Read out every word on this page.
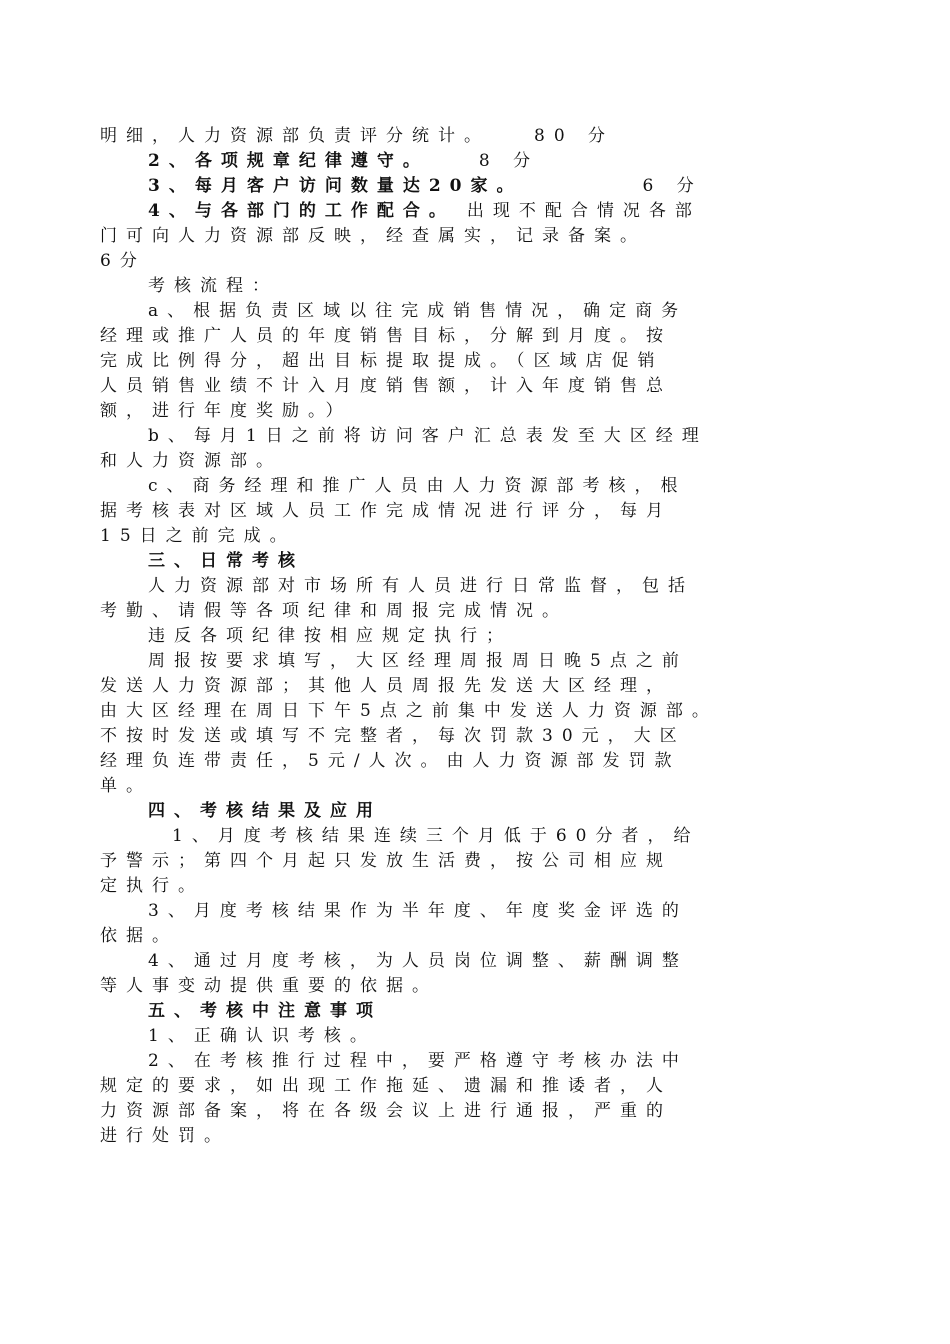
明细，人力资源部负责评分统计。	80 分
2、各项规章纪律遵守。	8 分
3、每月客户访问数量达20家。	6 分
4、与各部门的工作配合。 出现不配合情况各部
门可向人力资源部反映，经查属实，记录备案。
6分
考核流程：
a、根据负责区域以往完成销售情况，确定商务
经理或推广人员的年度销售目标，分解到月度。按
完成比例得分，超出目标提取提成。（区域店促销
人员销售业绩不计入月度销售额，计入年度销售总
额，进行年度奖励。）
b、每月1日之前将访问客户汇总表发至大区经理
和人力资源部。
c、商务经理和推广人员由人力资源部考核，根
据考核表对区域人员工作完成情况进行评分，每月
15日之前完成。
三、日常考核
人力资源部对市场所有人员进行日常监督，包括
考勤、请假等各项纪律和周报完成情况。
违反各项纪律按相应规定执行；
周报按要求填写，大区经理周报周日晚5点之前
发送人力资源部；其他人员周报先发送大区经理，
由大区经理在周日下午5点之前集中发送人力资源部。
不按时发送或填写不完整者，每次罚款30元，大区
经理负连带责任，5元/人次。由人力资源部发罚款
单。
四、考核结果及应用
1、月度考核结果连续三个月低于60分者，给
予警示；第四个月起只发放生活费，按公司相应规
定执行。
3、月度考核结果作为半年度、年度奖金评选的
依据。
4、通过月度考核，为人员岗位调整、薪酬调整
等人事变动提供重要的依据。
五、考核中注意事项
1、正确认识考核。
2、在考核推行过程中，要严格遵守考核办法中
规定的要求，如出现工作拖延、遗漏和推诿者，人
力资源部备案，将在各级会议上进行通报，严重的
进行处罚。
